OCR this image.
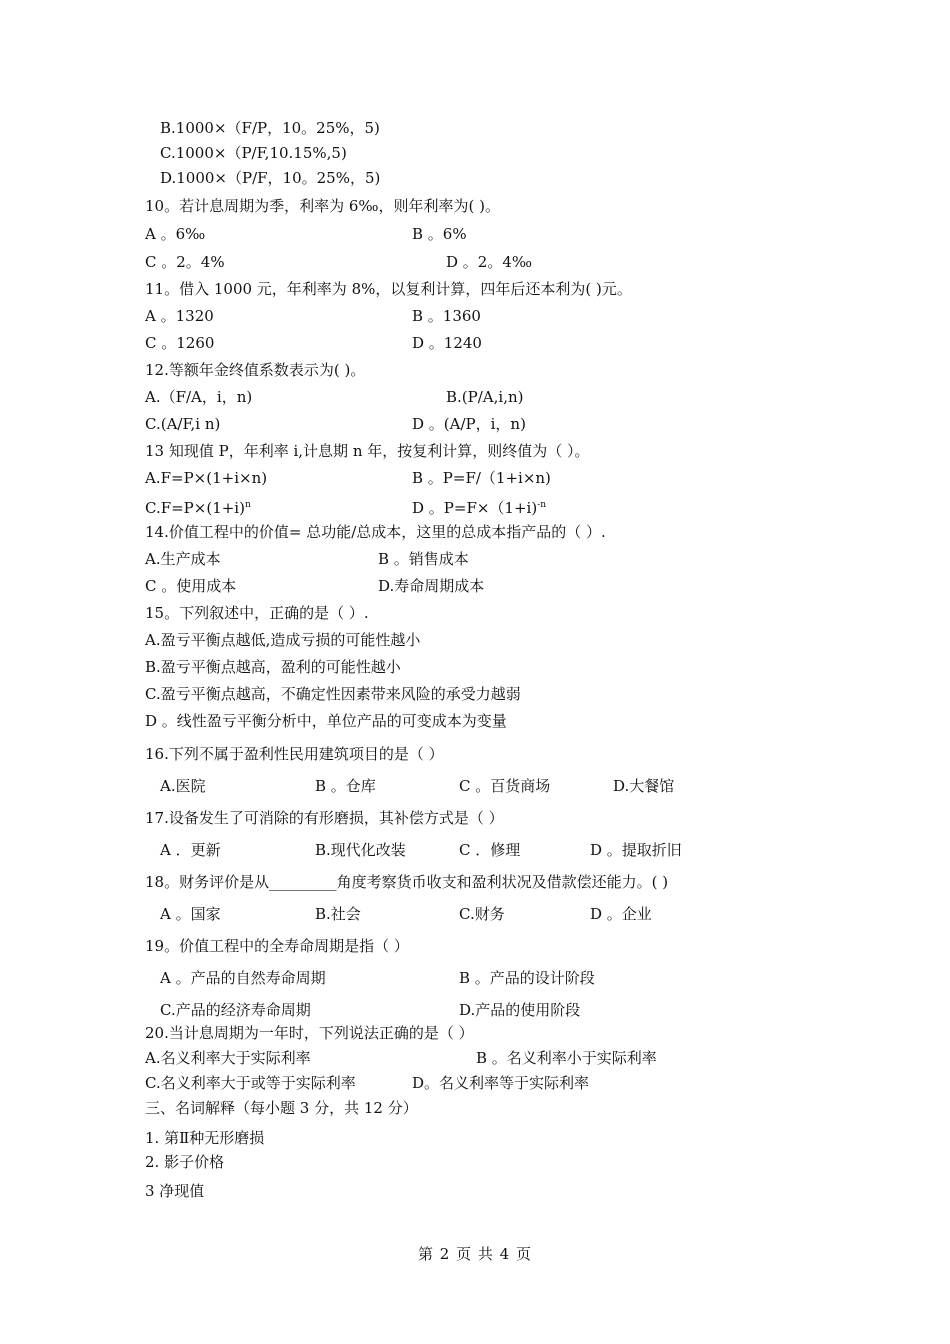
B.1000×（F/P，10。25%，5)
C.1000×（P/F,10.15%,5)
D.1000×（P/F，10。25%，5)
10。若计息周期为季，利率为 6‰，则年利率为( )。
A 。6‰	B 。6%
C 。2。4%	D 。2。4‰
11。借入 1000 元，年利率为 8%，以复利计算，四年后还本利为( )元。
A 。1320	B 。1360
C 。1260	D 。1240
12.等额年金终值系数表示为( )。
A.（F/A，i，n)	B.(P/A,i,n)
C.(A/F,i n)	D 。(A/P，i，n)
13 知现值 P，年利率 i,计息期 n 年，按复利计算，则终值为（ ）。
A.F=P×(1+i×n)	B 。P=F/（1+i×n)
$C.F=P\times(1+i)^n$	D 。P=F×（1+i)$^{-n}$
14.价值工程中的价值= 总功能/总成本，这里的总成本指产品的（ ）.
A.生产成本	B 。销售成本
C 。使用成本	D.寿命周期成本
15。下列叙述中，正确的是（ ）.
A.盈亏平衡点越低,造成亏损的可能性越小
B.盈亏平衡点越高，盈利的可能性越小
C.盈亏平衡点越高，不确定性因素带来风险的承受力越弱
D 。线性盈亏平衡分析中，单位产品的可变成本为变量
16.下列不属于盈利性民用建筑项目的是（ ）
A.医院	B 。仓库	C 。百货商场	D.大餐馆
17.设备发生了可消除的有形磨损，其补偿方式是（ ）
A ．更新	B.现代化改装	C ．修理	D 。提取折旧
18。财务评价是从_________角度考察货币收支和盈利状况及借款偿还能力。( )
A 。国家	B.社会	C.财务	D 。企业
19。价值工程中的全寿命周期是指（ ）
A 。产品的自然寿命周期	B 。产品的设计阶段
C.产品的经济寿命周期	D.产品的使用阶段
20.当计息周期为一年时，下列说法正确的是（ ）
A.名义利率大于实际利率	B 。名义利率小于实际利率
C.名义利率大于或等于实际利率	D。名义利率等于实际利率
三、名词解释（每小题 3 分，共 12 分）
1. 第Ⅱ种无形磨损
2. 影子价格
3 净现值
第 2 页 共 4 页
